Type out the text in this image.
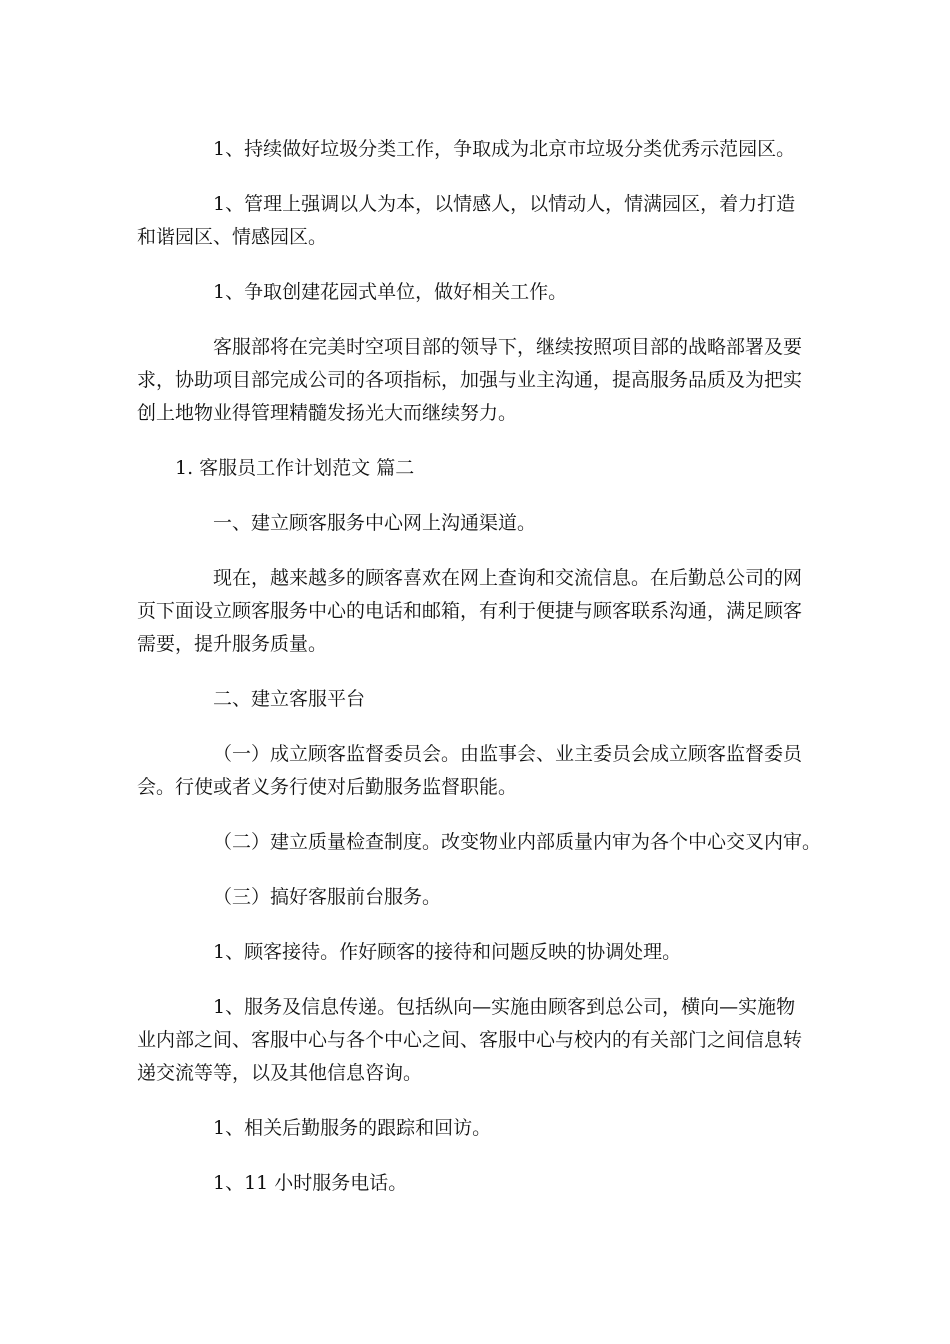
1、持续做好垃圾分类工作，争取成为北京市垃圾分类优秀示范园区。
1、管理上强调以人为本，以情感人，以情动人，情满园区，着力打造
和谐园区、情感园区。
1、争取创建花园式单位，做好相关工作。
客服部将在完美时空项目部的领导下，继续按照项目部的战略部署及要
求，协助项目部完成公司的各项指标，加强与业主沟通，提高服务品质及为把实
创上地物业得管理精髓发扬光大而继续努力。
1. 客服员工作计划范文 篇二
一、建立顾客服务中心网上沟通渠道。
现在，越来越多的顾客喜欢在网上查询和交流信息。在后勤总公司的网
页下面设立顾客服务中心的电话和邮箱，有利于便捷与顾客联系沟通，满足顾客
需要，提升服务质量。
二、建立客服平台
（一）成立顾客监督委员会。由监事会、业主委员会成立顾客监督委员
会。行使或者义务行使对后勤服务监督职能。
（二）建立质量检查制度。改变物业内部质量内审为各个中心交叉内审。
（三）搞好客服前台服务。
1、顾客接待。作好顾客的接待和问题反映的协调处理。
1、服务及信息传递。包括纵向—实施由顾客到总公司，横向—实施物
业内部之间、客服中心与各个中心之间、客服中心与校内的有关部门之间信息转
递交流等等，以及其他信息咨询。
1、相关后勤服务的跟踪和回访。
1、11 小时服务电话。
